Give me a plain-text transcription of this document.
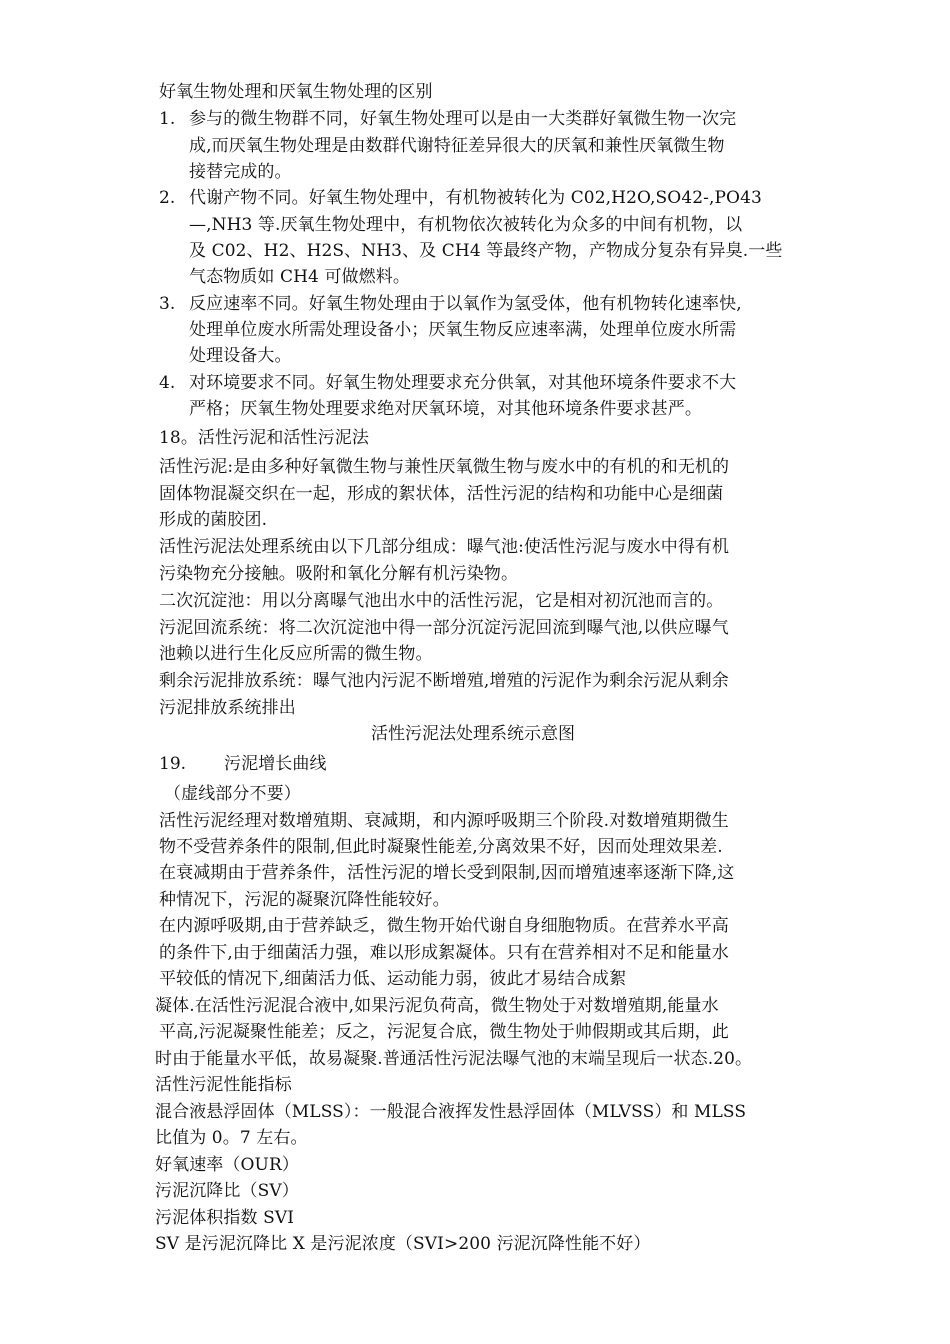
好氧生物处理和厌氧生物处理的区别
1. 参与的微生物群不同，好氧生物处理可以是由一大类群好氧微生物一次完
成,而厌氧生物处理是由数群代谢特征差异很大的厌氧和兼性厌氧微生物
接替完成的。
2. 代谢产物不同。好氧生物处理中，有机物被转化为 C02,H2O,SO42-,PO43
—,NH3 等.厌氧生物处理中，有机物依次被转化为众多的中间有机物，以
及 C02、H2、H2S、NH3、及 CH4 等最终产物，产物成分复杂有异臭.一些
气态物质如 CH4 可做燃料。
3. 反应速率不同。好氧生物处理由于以氧作为氢受体，他有机物转化速率快,
处理单位废水所需处理设备小；厌氧生物反应速率满，处理单位废水所需
处理设备大。
4. 对环境要求不同。好氧生物处理要求充分供氧，对其他环境条件要求不大
严格；厌氧生物处理要求绝对厌氧环境，对其他环境条件要求甚严。
18。活性污泥和活性污泥法
活性污泥:是由多种好氧微生物与兼性厌氧微生物与废水中的有机的和无机的
固体物混凝交织在一起，形成的絮状体，活性污泥的结构和功能中心是细菌
形成的菌胶团.
活性污泥法处理系统由以下几部分组成：曝气池:使活性污泥与废水中得有机
污染物充分接触。吸附和氧化分解有机污染物。
二次沉淀池：用以分离曝气池出水中的活性污泥，它是相对初沉池而言的。
污泥回流系统：将二次沉淀池中得一部分沉淀污泥回流到曝气池,以供应曝气
池赖以进行生化反应所需的微生物。
剩余污泥排放系统：曝气池内污泥不断增殖,增殖的污泥作为剩余污泥从剩余
污泥排放系统排出
活性污泥法处理系统示意图
19. 污泥增长曲线
（虚线部分不要）
活性污泥经理对数增殖期、衰减期，和内源呼吸期三个阶段.对数增殖期微生
物不受营养条件的限制,但此时凝聚性能差,分离效果不好，因而处理效果差.
在衰减期由于营养条件，活性污泥的增长受到限制,因而增殖速率逐渐下降,这
种情况下，污泥的凝聚沉降性能较好。
在内源呼吸期,由于营养缺乏，微生物开始代谢自身细胞物质。在营养水平高
的条件下,由于细菌活力强，难以形成絮凝体。只有在营养相对不足和能量水
平较低的情况下,细菌活力低、运动能力弱，彼此才易结合成絮
凝体.在活性污泥混合液中,如果污泥负荷高，微生物处于对数增殖期,能量水
平高,污泥凝聚性能差；反之，污泥复合底，微生物处于帅假期或其后期，此
时由于能量水平低，故易凝聚.普通活性污泥法曝气池的末端呈现后一状态.20。
活性污泥性能指标
混合液悬浮固体（MLSS）：一般混合液挥发性悬浮固体（MLVSS）和 MLSS
比值为 0。7 左右。
好氧速率（OUR）
污泥沉降比（SV）
污泥体积指数 SVI
SV 是污泥沉降比 X 是污泥浓度（SVI>200 污泥沉降性能不好）
